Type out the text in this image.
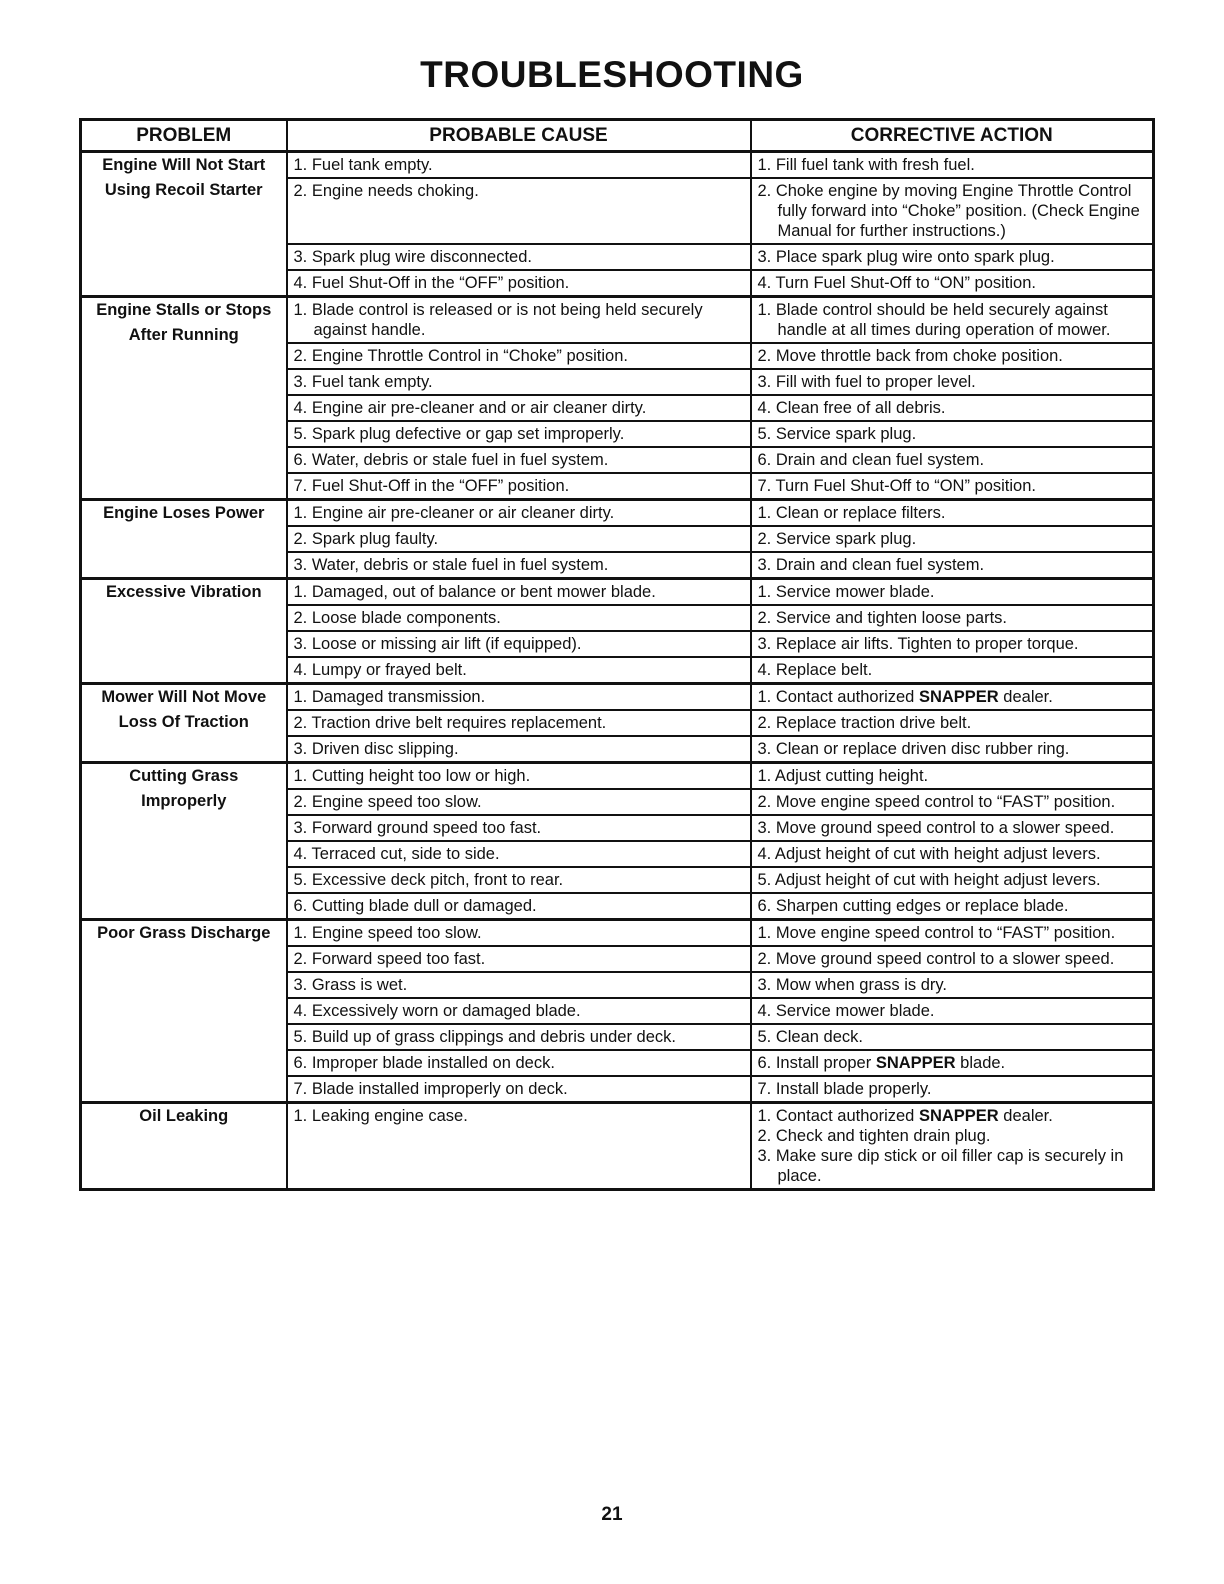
TROUBLESHOOTING
PROBLEM	PROBABLE CAUSE	CORRECTIVE ACTION
Engine Will Not Start
Using Recoil Starter	1. Fuel tank empty.	1. Fill fuel tank with fresh fuel.

	2. Engine needs choking.	2. Choke engine by moving Engine Throttle Control fully forward into “Choke” position. (Check Engine Manual for further instructions.)

	3. Spark plug wire disconnected.	3. Place spark plug wire onto spark plug.

	4. Fuel Shut-Off in the “OFF” position.	4. Turn Fuel Shut-Off to “ON” position.

Engine Stalls or Stops
After Running	1. Blade control is released or is not being held securely against handle.	1. Blade control should be held securely against handle at all times during operation of mower.

	2. Engine Throttle Control in “Choke” position.	2. Move throttle back from choke position.

	3. Fuel tank empty.	3. Fill with fuel to proper level.

	4. Engine air pre-cleaner and or air cleaner dirty.	4. Clean free of all debris.

	5. Spark plug defective or gap set improperly.	5. Service spark plug.

	6. Water, debris or stale fuel in fuel system.	6. Drain and clean fuel system.

	7. Fuel Shut-Off in the “OFF” position.	7. Turn Fuel Shut-Off to “ON” position.

Engine Loses Power	1. Engine air pre-cleaner or air cleaner dirty.	1. Clean or replace filters.

	2. Spark plug faulty.	2. Service spark plug.

	3. Water, debris or stale fuel in fuel system.	3. Drain and clean fuel system.

Excessive Vibration	1. Damaged, out of balance or bent mower blade.	1. Service mower blade.

	2. Loose blade components.	2. Service and tighten loose parts.

	3. Loose or missing air lift (if equipped).	3. Replace air lifts. Tighten to proper torque.

	4. Lumpy or frayed belt.	4. Replace belt.

Mower Will Not Move
Loss Of Traction	1. Damaged transmission.	1. Contact authorized SNAPPER dealer.

	2. Traction drive belt requires replacement.	2. Replace traction drive belt.

	3. Driven disc slipping.	3. Clean or replace driven disc rubber ring.

Cutting Grass
Improperly	1. Cutting height too low or high.	1. Adjust cutting height.

	2. Engine speed too slow.	2. Move engine speed control to “FAST” position.

	3. Forward ground speed too fast.	3. Move ground speed control to a slower speed.

	4. Terraced cut, side to side.	4. Adjust height of cut with height adjust levers.

	5. Excessive deck pitch, front to rear.	5. Adjust height of cut with height adjust levers.

	6. Cutting blade dull or damaged.	6. Sharpen cutting edges or replace blade.

Poor Grass Discharge	1. Engine speed too slow.	1. Move engine speed control to “FAST” position.

	2. Forward speed too fast.	2. Move ground speed control to a slower speed.

	3. Grass is wet.	3. Mow when grass is dry.

	4. Excessively worn or damaged blade.	4. Service mower blade.

	5. Build up of grass clippings and debris under deck.	5. Clean deck.

	6. Improper blade installed on deck.	6. Install proper SNAPPER blade.

	7. Blade installed improperly on deck.	7. Install blade properly.

Oil Leaking	1. Leaking engine case.	1. Contact authorized SNAPPER dealer.
2. Check and tighten drain plug.
3. Make sure dip stick or oil filler cap is securely in place.
21
